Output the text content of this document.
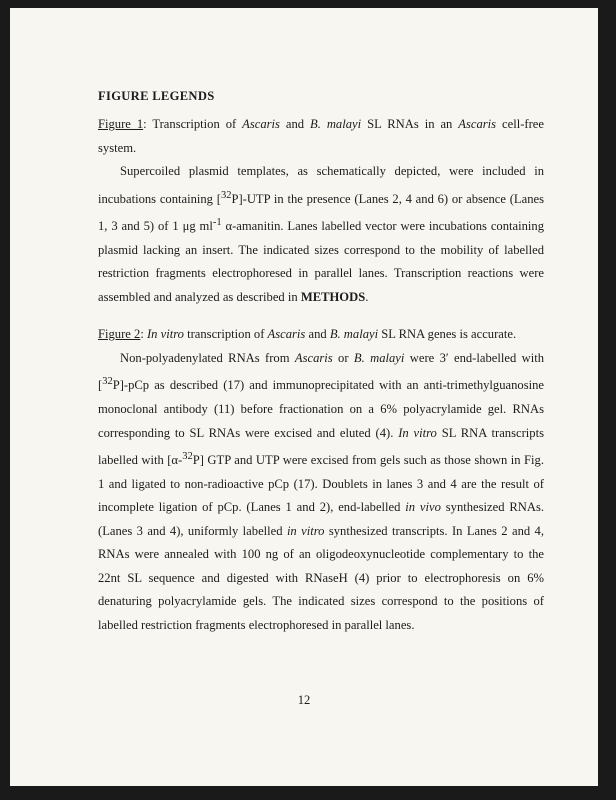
FIGURE LEGENDS

Figure 1: Transcription of Ascaris and B. malayi SL RNAs in an Ascaris cell-free system.

Supercoiled plasmid templates, as schematically depicted, were included in incubations containing [$^{32}$P]-UTP in the presence (Lanes 2, 4 and 6) or absence (Lanes 1, 3 and 5) of 1 μg $ml^{-1}$ α-amanitin. Lanes labelled vector were incubations containing plasmid lacking an insert. The indicated sizes correspond to the mobility of labelled restriction fragments electrophoresed in parallel lanes. Transcription reactions were assembled and analyzed as described in METHODS.

Figure 2: In vitro transcription of Ascaris and B. malayi SL RNA genes is accurate.

Non-polyadenylated RNAs from Ascaris or B. malayi were 3′ end-labelled with [$^{32}$P]-pCp as described (17) and immunoprecipitated with an anti-trimethylguanosine monoclonal antibody (11) before fractionation on a 6% polyacrylamide gel. RNAs corresponding to SL RNAs were excised and eluted (4). In vitro SL RNA transcripts labelled with [α-$^{32}$P] GTP and UTP were excised from gels such as those shown in Fig. 1 and ligated to non-radioactive pCp (17). Doublets in lanes 3 and 4 are the result of incomplete ligation of pCp. (Lanes 1 and 2), end-labelled in vivo synthesized RNAs. (Lanes 3 and 4), uniformly labelled in vitro synthesized transcripts. In Lanes 2 and 4, RNAs were annealed with 100 ng of an oligodeoxynucleotide complementary to the 22nt SL sequence and digested with RNaseH (4) prior to electrophoresis on 6% denaturing polyacrylamide gels. The indicated sizes correspond to the positions of labelled restriction fragments electrophoresed in parallel lanes.

12
